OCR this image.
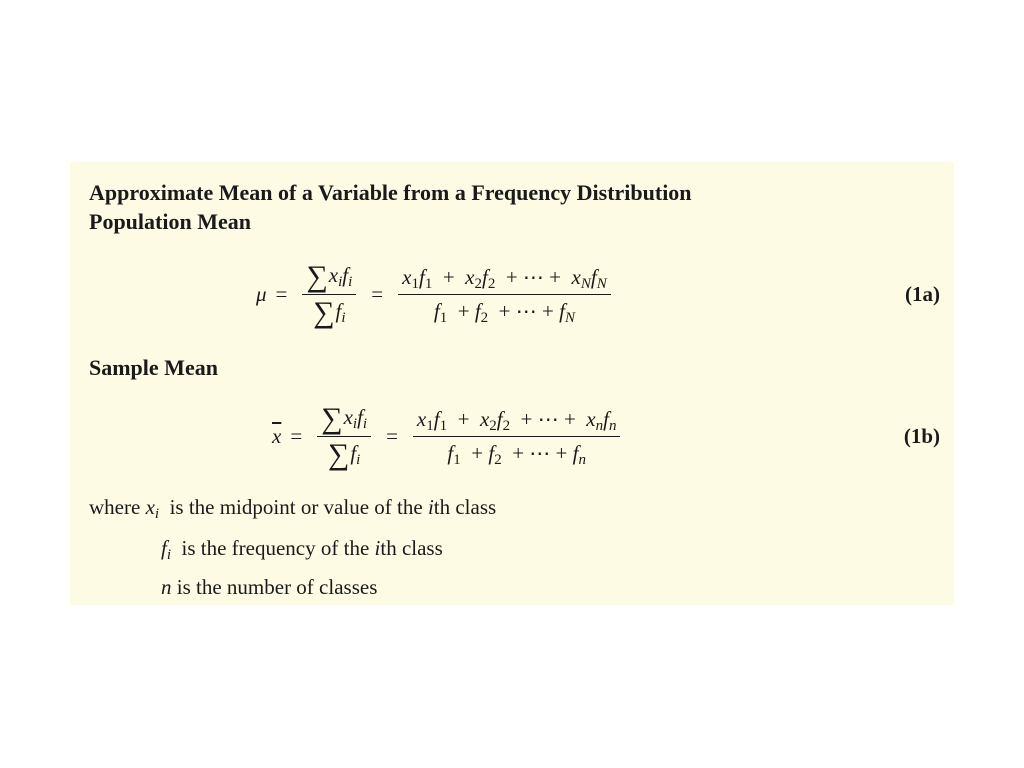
Approximate Mean of a Variable from a Frequency Distribution
Population Mean
$\mu = \frac{\sum x_if_i}{\sum f_i} = \frac{x_1f_1 + x_2f_2 + \cdots + x_Nf_N}{f_1 + f_2 + \cdots + f_N}$	(1a)
Sample Mean
$\overline{x} = \frac{\sum x_if_i}{\sum f_i} = \frac{x_1f_1 + x_2f_2 + \cdots + x_nf_n}{f_1 + f_2 + \cdots + f_n}$	(1b)
where $x_i$ is the midpoint or value of the ith class
$f_i$ is the frequency of the ith class
n is the number of classes
